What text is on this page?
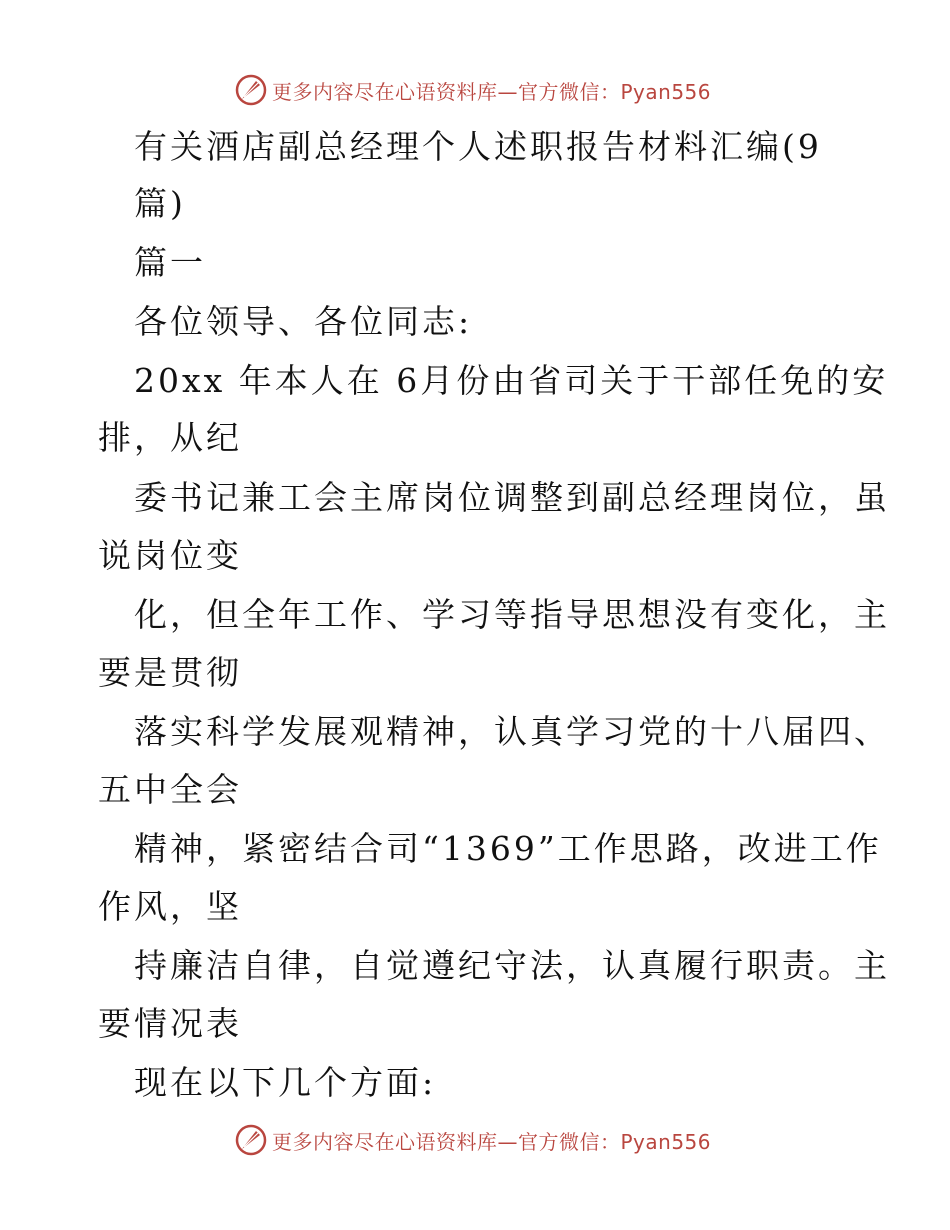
更多内容尽在心语资料库—官方微信：Pyan556
有关酒店副总经理个人述职报告材料汇编(9
篇)
篇一
各位领导、各位同志:
20xx 年本人在 6月份由省司关于干部任免的安
排，从纪
委书记兼工会主席岗位调整到副总经理岗位，虽
说岗位变
化，但全年工作、学习等指导思想没有变化，主
要是贯彻
落实科学发展观精神，认真学习党的十八届四、
五中全会
精神，紧密结合司“1369”工作思路，改进工作
作风，坚
持廉洁自律，自觉遵纪守法，认真履行职责。主
要情况表
现在以下几个方面:
更多内容尽在心语资料库—官方微信：Pyan556
